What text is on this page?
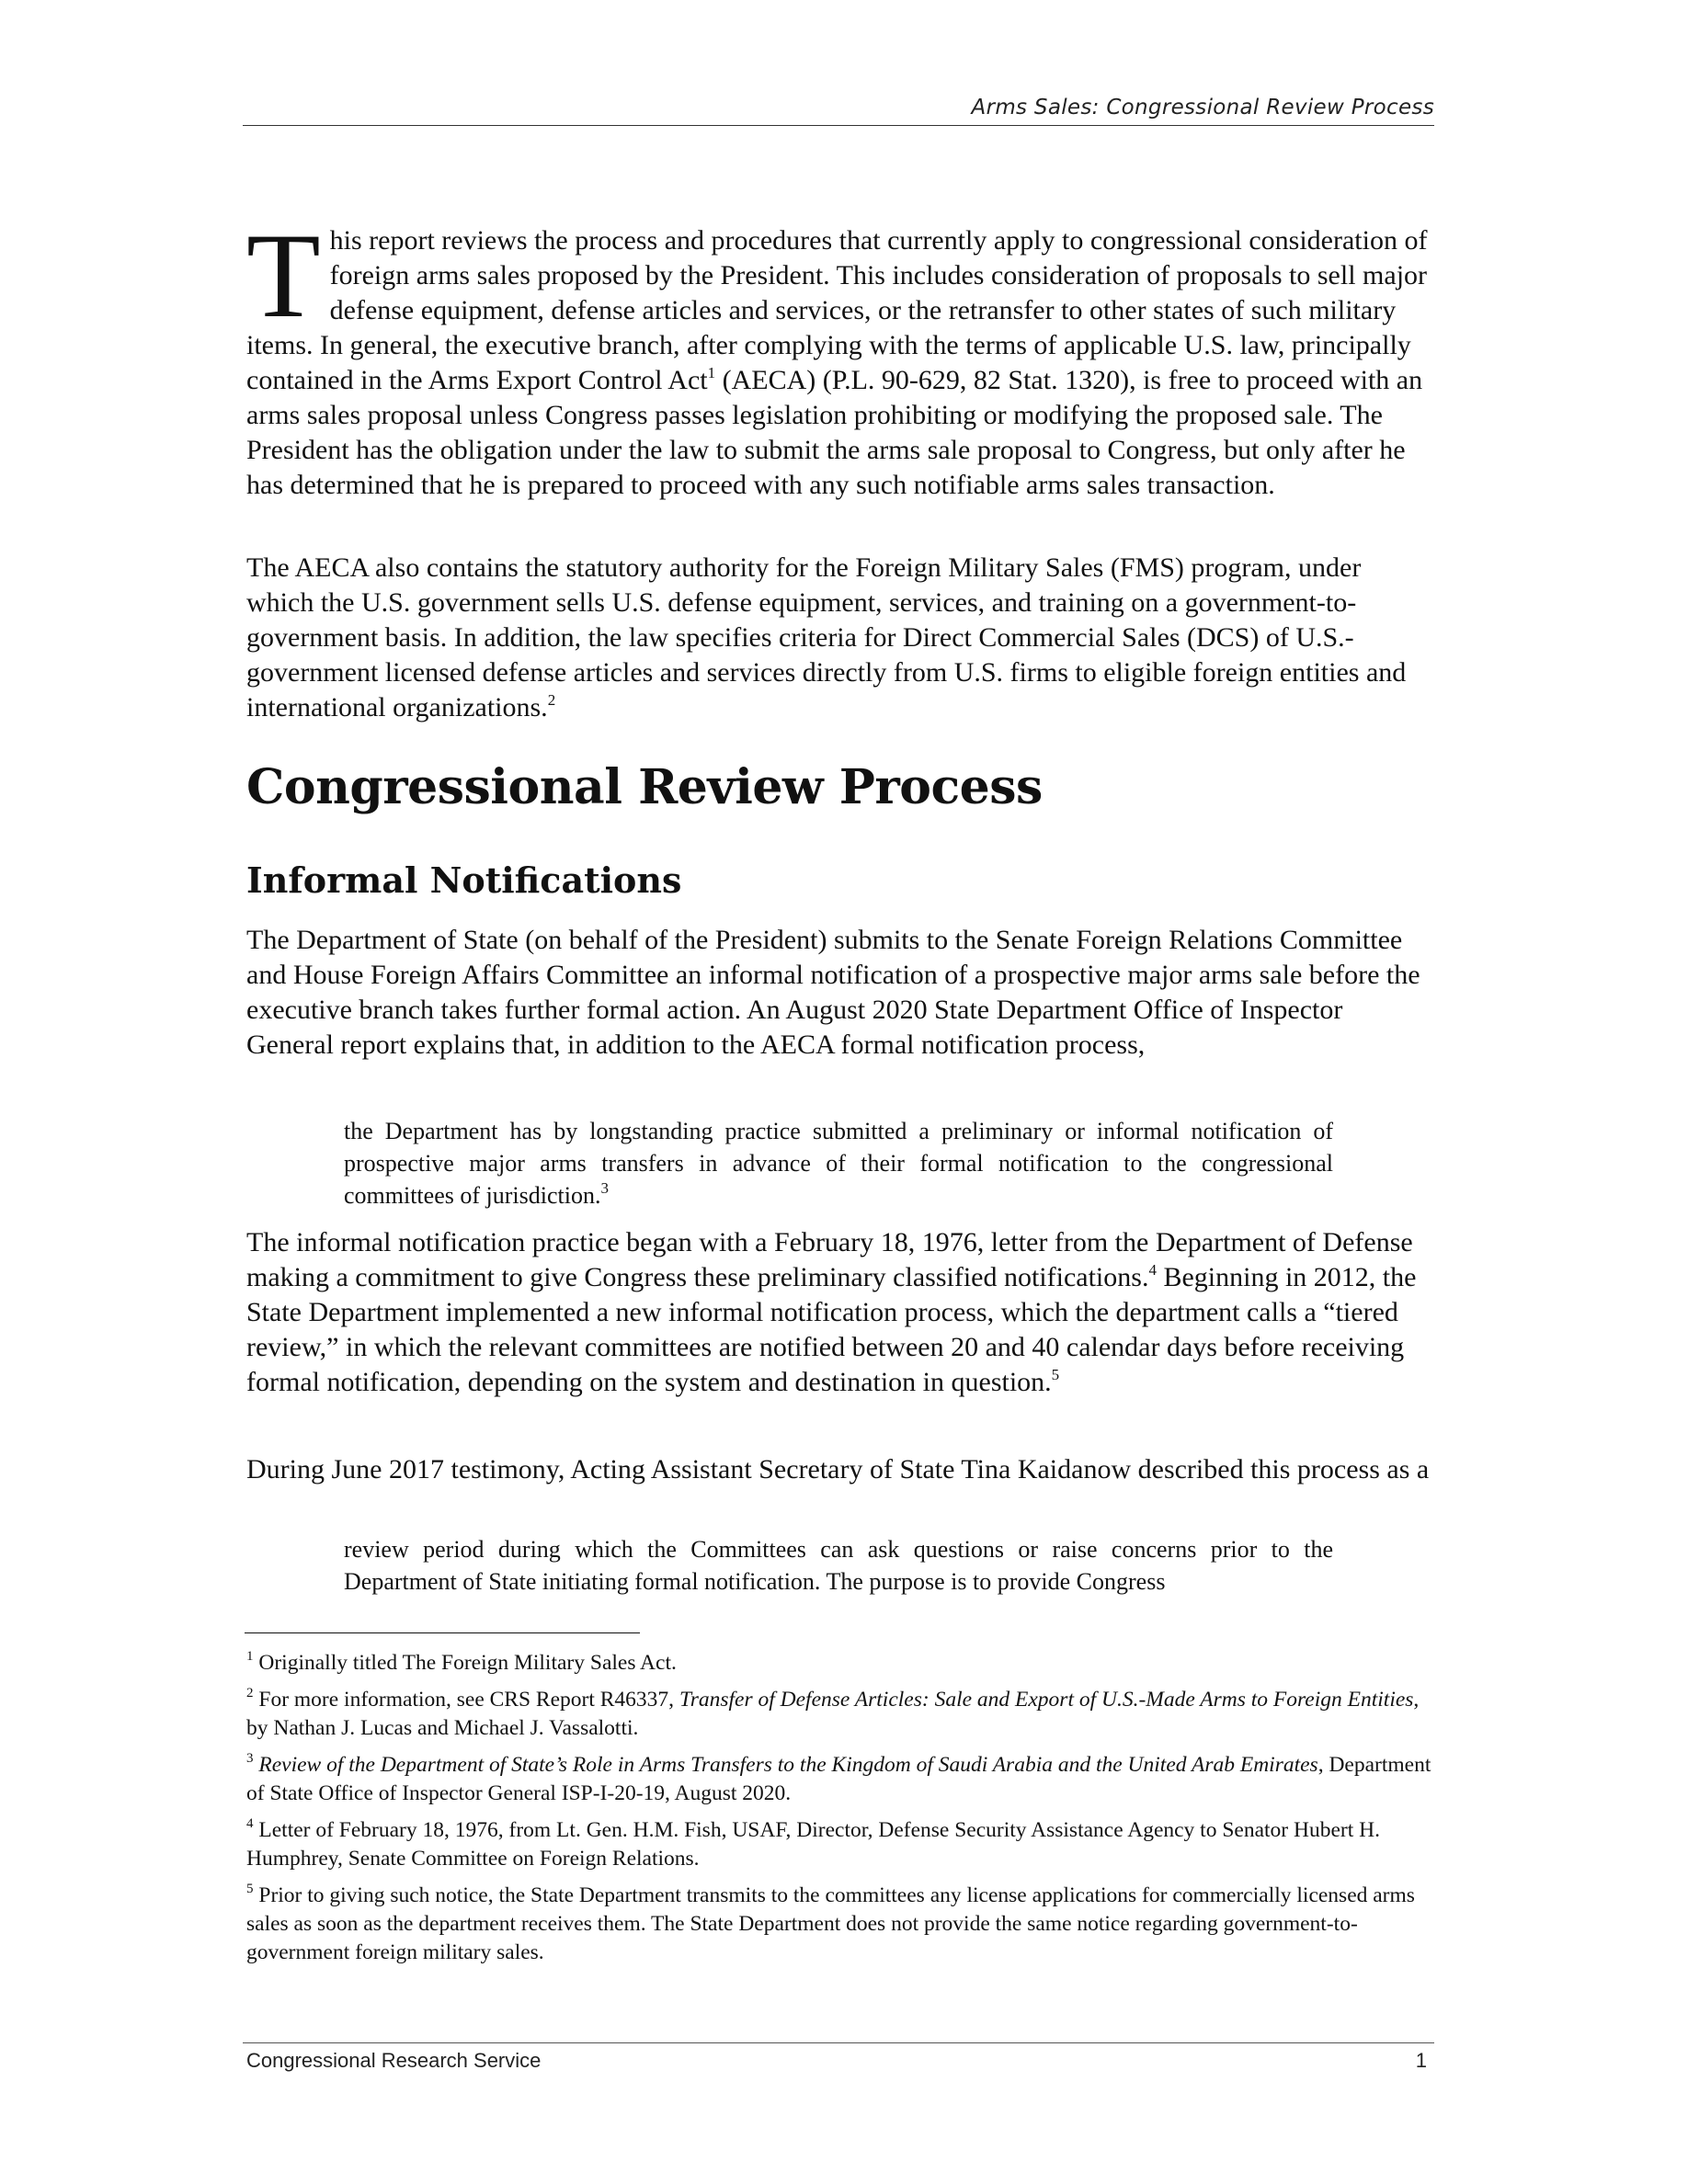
Arms Sales: Congressional Review Process

This report reviews the process and procedures that currently apply to congressional consideration of foreign arms sales proposed by the President. This includes consideration of proposals to sell major defense equipment, defense articles and services, or the retransfer to other states of such military items. In general, the executive branch, after complying with the terms of applicable U.S. law, principally contained in the Arms Export Control Act$^1$ (AECA) (P.L. 90-629, 82 Stat. 1320), is free to proceed with an arms sales proposal unless Congress passes legislation prohibiting or modifying the proposed sale. The President has the obligation under the law to submit the arms sale proposal to Congress, but only after he has determined that he is prepared to proceed with any such notifiable arms sales transaction.

The AECA also contains the statutory authority for the Foreign Military Sales (FMS) program, under which the U.S. government sells U.S. defense equipment, services, and training on a government-to-government basis. In addition, the law specifies criteria for Direct Commercial Sales (DCS) of U.S.-government licensed defense articles and services directly from U.S. firms to eligible foreign entities and international organizations.$^2$

Congressional Review Process
Informal Notifications

The Department of State (on behalf of the President) submits to the Senate Foreign Relations Committee and House Foreign Affairs Committee an informal notification of a prospective major arms sale before the executive branch takes further formal action. An August 2020 State Department Office of Inspector General report explains that, in addition to the AECA formal notification process,

the Department has by longstanding practice submitted a preliminary or informal notification of prospective major arms transfers in advance of their formal notification to the congressional committees of jurisdiction.$^3$

The informal notification practice began with a February 18, 1976, letter from the Department of Defense making a commitment to give Congress these preliminary classified notifications.$^4$ Beginning in 2012, the State Department implemented a new informal notification process, which the department calls a “tiered review,” in which the relevant committees are notified between 20 and 40 calendar days before receiving formal notification, depending on the system and destination in question.$^5$

During June 2017 testimony, Acting Assistant Secretary of State Tina Kaidanow described this process as a

review period during which the Committees can ask questions or raise concerns prior to the Department of State initiating formal notification. The purpose is to provide Congress

$^1$ Originally titled The Foreign Military Sales Act.

$^2$ For more information, see CRS Report R46337, Transfer of Defense Articles: Sale and Export of U.S.-Made Arms to Foreign Entities, by Nathan J. Lucas and Michael J. Vassalotti.

$^3$ Review of the Department of State’s Role in Arms Transfers to the Kingdom of Saudi Arabia and the United Arab Emirates, Department of State Office of Inspector General ISP-I-20-19, August 2020.

$^4$ Letter of February 18, 1976, from Lt. Gen. H.M. Fish, USAF, Director, Defense Security Assistance Agency to Senator Hubert H. Humphrey, Senate Committee on Foreign Relations.

$^5$ Prior to giving such notice, the State Department transmits to the committees any license applications for commercially licensed arms sales as soon as the department receives them. The State Department does not provide the same notice regarding government-to-government foreign military sales.

Congressional Research Service	1
